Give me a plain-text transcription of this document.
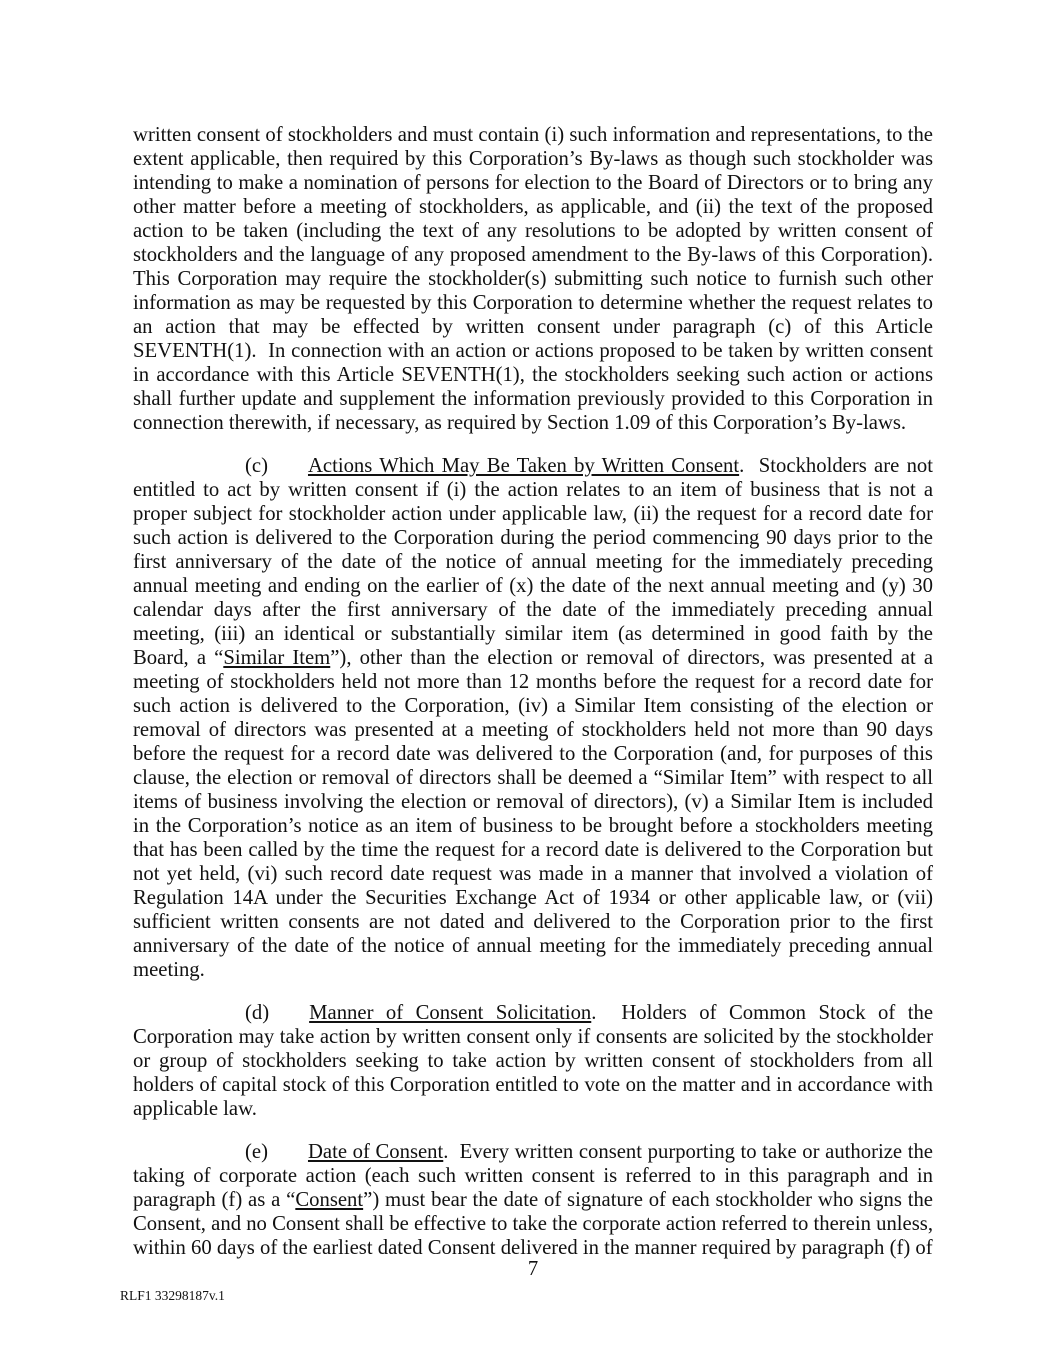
written consent of stockholders and must contain (i) such information and representations, to the extent applicable, then required by this Corporation’s By-laws as though such stockholder was intending to make a nomination of persons for election to the Board of Directors or to bring any other matter before a meeting of stockholders, as applicable, and (ii) the text of the proposed action to be taken (including the text of any resolutions to be adopted by written consent of stockholders and the language of any proposed amendment to the By-laws of this Corporation).  This Corporation may require the stockholder(s) submitting such notice to furnish such other information as may be requested by this Corporation to determine whether the request relates to an action that may be effected by written consent under paragraph (c) of this Article SEVENTH(1).  In connection with an action or actions proposed to be taken by written consent in accordance with this Article SEVENTH(1), the stockholders seeking such action or actions shall further update and supplement the information previously provided to this Corporation in connection therewith, if necessary, as required by Section 1.09 of this Corporation’s By-laws.

(c) Actions Which May Be Taken by Written Consent.  Stockholders are not entitled to act by written consent if (i) the action relates to an item of business that is not a proper subject for stockholder action under applicable law, (ii) the request for a record date for such action is delivered to the Corporation during the period commencing 90 days prior to the first anniversary of the date of the notice of annual meeting for the immediately preceding annual meeting and ending on the earlier of (x) the date of the next annual meeting and (y) 30 calendar days after the first anniversary of the date of the immediately preceding annual meeting, (iii) an identical or substantially similar item (as determined in good faith by the Board, a “Similar Item”), other than the election or removal of directors, was presented at a meeting of stockholders held not more than 12 months before the request for a record date for such action is delivered to the Corporation, (iv) a Similar Item consisting of the election or removal of directors was presented at a meeting of stockholders held not more than 90 days before the request for a record date was delivered to the Corporation (and, for purposes of this clause, the election or removal of directors shall be deemed a “Similar Item” with respect to all items of business involving the election or removal of directors), (v) a Similar Item is included in the Corporation’s notice as an item of business to be brought before a stockholders meeting that has been called by the time the request for a record date is delivered to the Corporation but not yet held, (vi) such record date request was made in a manner that involved a violation of Regulation 14A under the Securities Exchange Act of 1934 or other applicable law, or (vii) sufficient written consents are not dated and delivered to the Corporation prior to the first anniversary of the date of the notice of annual meeting for the immediately preceding annual meeting.

(d) Manner of Consent Solicitation.  Holders of Common Stock of the Corporation may take action by written consent only if consents are solicited by the stockholder or group of stockholders seeking to take action by written consent of stockholders from all holders of capital stock of this Corporation entitled to vote on the matter and in accordance with applicable law.

(e) Date of Consent.  Every written consent purporting to take or authorize the taking of corporate action (each such written consent is referred to in this paragraph and in paragraph (f) as a “Consent”) must bear the date of signature of each stockholder who signs the Consent, and no Consent shall be effective to take the corporate action referred to therein unless, within 60 days of the earliest dated Consent delivered in the manner required by paragraph (f) of

7
RLF1 33298187v.1
